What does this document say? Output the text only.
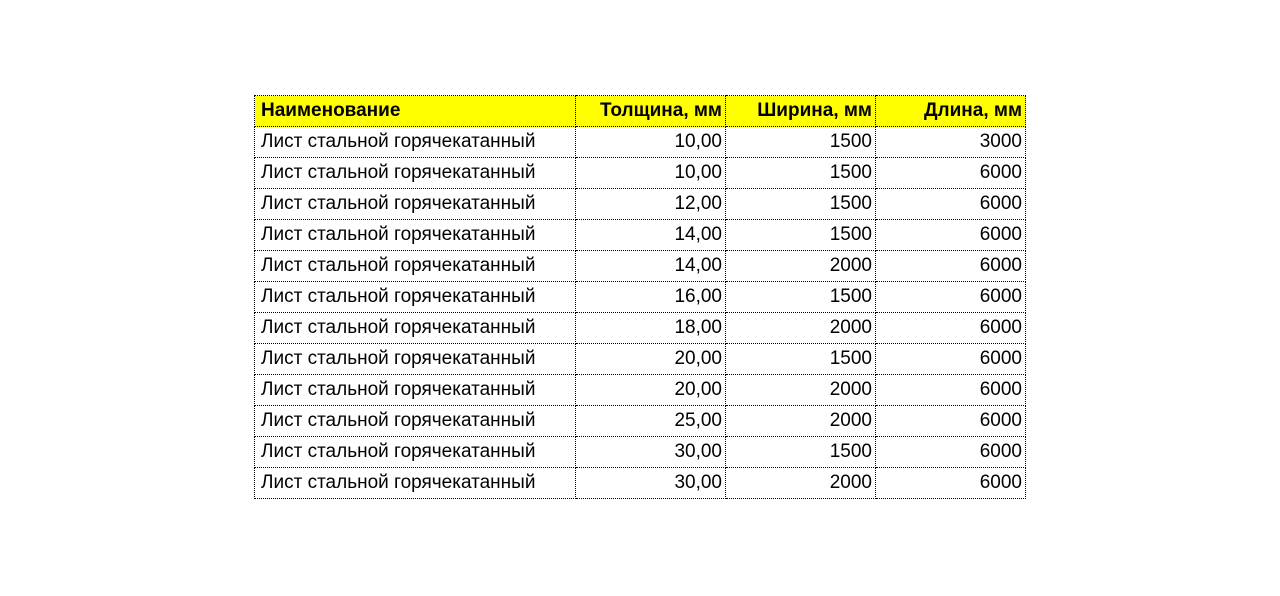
Наименование	Толщина, мм	Ширина, мм	Длина, мм
Лист стальной горячекатанный	10,00	1500	3000
Лист стальной горячекатанный	10,00	1500	6000
Лист стальной горячекатанный	12,00	1500	6000
Лист стальной горячекатанный	14,00	1500	6000
Лист стальной горячекатанный	14,00	2000	6000
Лист стальной горячекатанный	16,00	1500	6000
Лист стальной горячекатанный	18,00	2000	6000
Лист стальной горячекатанный	20,00	1500	6000
Лист стальной горячекатанный	20,00	2000	6000
Лист стальной горячекатанный	25,00	2000	6000
Лист стальной горячекатанный	30,00	1500	6000
Лист стальной горячекатанный	30,00	2000	6000
